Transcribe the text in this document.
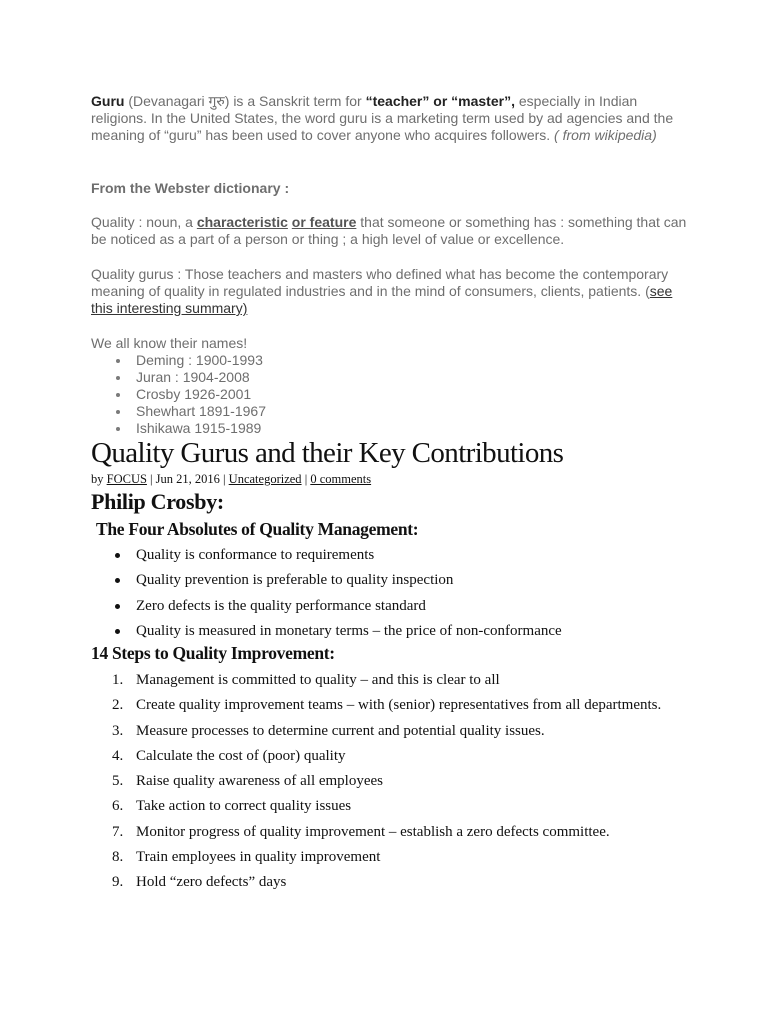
Guru (Devanagari गुरु) is a Sanskrit term for “teacher” or “master”, especially in Indian religions. In the United States, the word guru is a marketing term used by ad agencies and the meaning of “guru” has been used to cover anyone who acquires followers. ( from wikipedia)

From the Webster dictionary :

Quality : noun, a characteristic or feature that someone or something has : something that can be noticed as a part of a person or thing ; a high level of value or excellence.

Quality gurus : Those teachers and masters who defined what has become the contemporary meaning of quality in regulated industries and in the mind of consumers, clients, patients. (see this interesting summary)

We all know their names!

Deming : 1900-1993
Juran : 1904-2008
Crosby 1926-2001
Shewhart 1891-1967
Ishikawa 1915-1989
Quality Gurus and their Key Contributions

by FOCUS | Jun 21, 2016 | Uncategorized | 0 comments

Philip Crosby:
The Four Absolutes of Quality Management:
Quality is conformance to requirements
Quality prevention is preferable to quality inspection
Zero defects is the quality performance standard
Quality is measured in monetary terms – the price of non-conformance
14 Steps to Quality Improvement:
1. Management is committed to quality – and this is clear to all
2. Create quality improvement teams – with (senior) representatives from all departments.
3. Measure processes to determine current and potential quality issues.
4. Calculate the cost of (poor) quality
5. Raise quality awareness of all employees
6. Take action to correct quality issues
7. Monitor progress of quality improvement – establish a zero defects committee.
8. Train employees in quality improvement
9. Hold “zero defects” days
